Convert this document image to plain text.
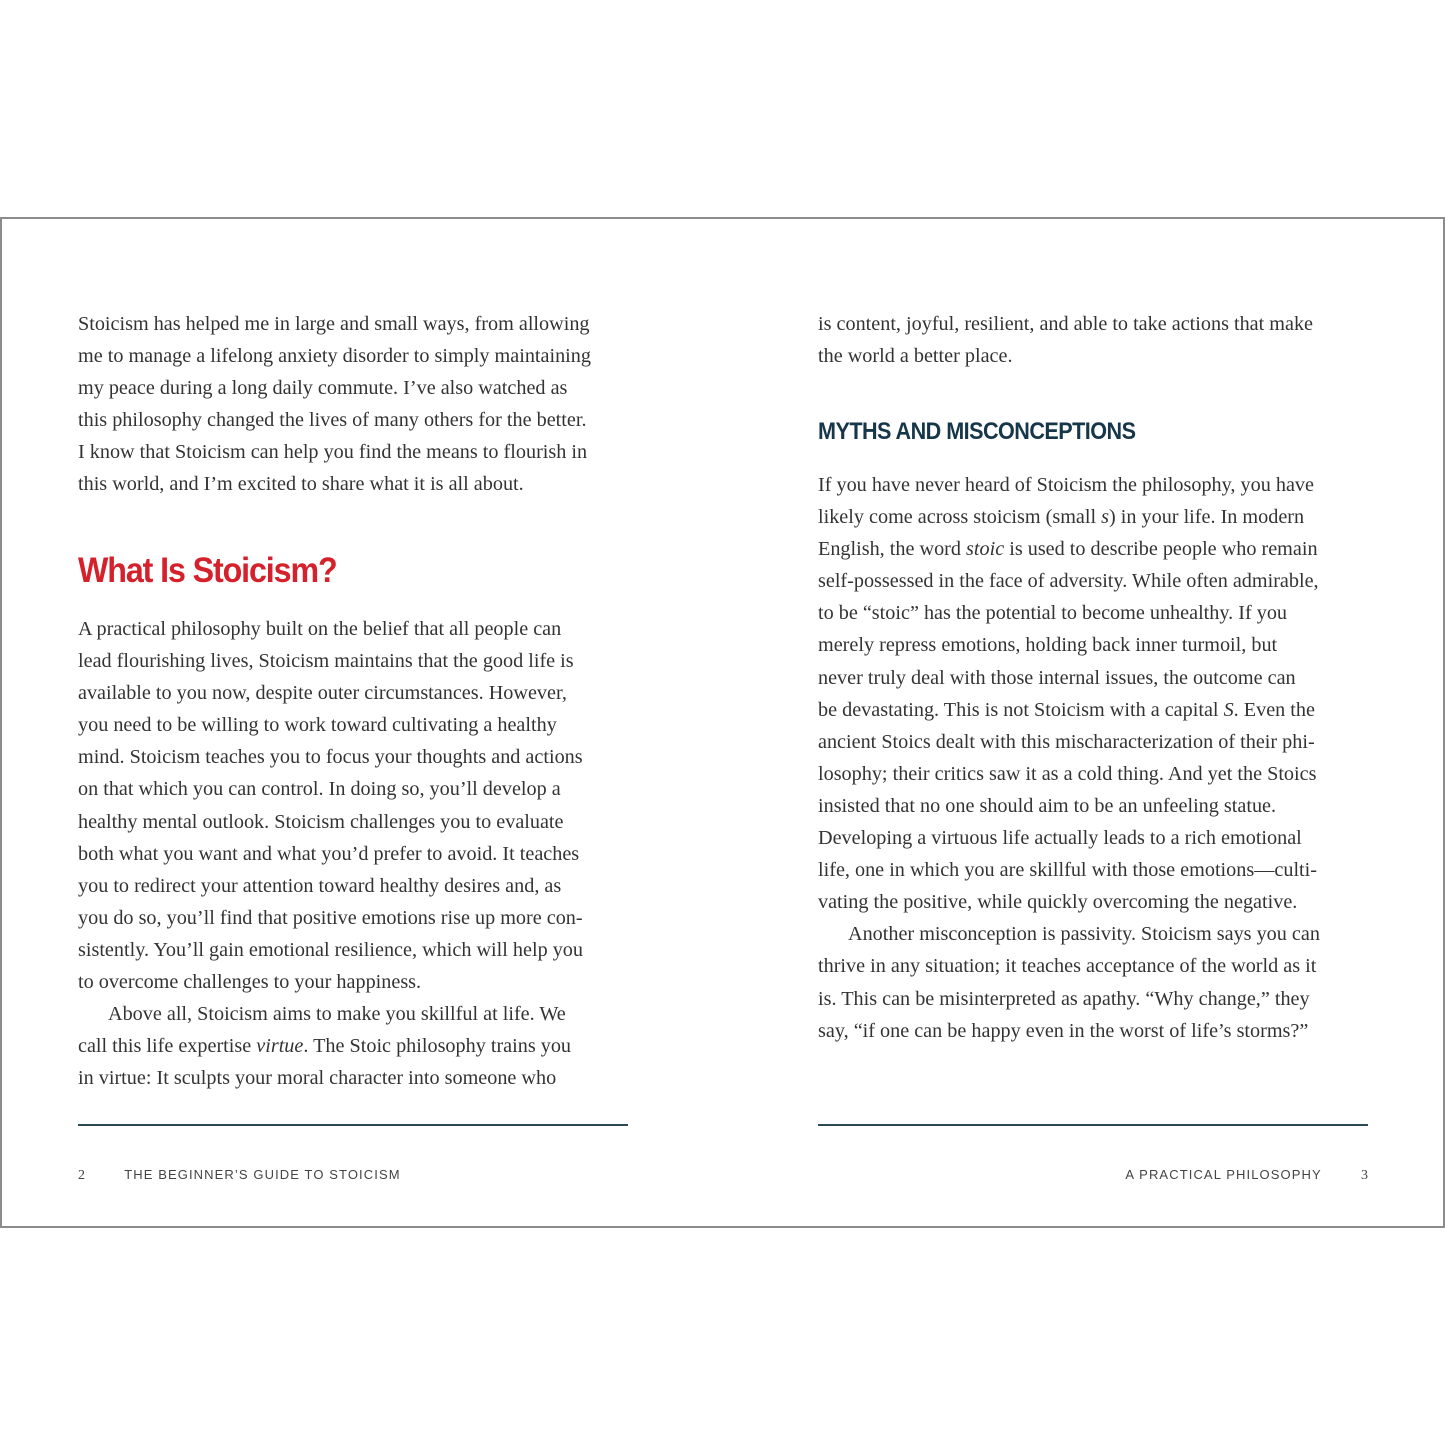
Stoicism has helped me in large and small ways, from allowing
me to manage a lifelong anxiety disorder to simply maintaining
my peace during a long daily commute. I’ve also watched as
this philosophy changed the lives of many others for the better.
I know that Stoicism can help you find the means to flourish in
this world, and I’m excited to share what it is all about.
What Is Stoicism?
A practical philosophy built on the belief that all people can
lead flourishing lives, Stoicism maintains that the good life is
available to you now, despite outer circumstances. However,
you need to be willing to work toward cultivating a healthy
mind. Stoicism teaches you to focus your thoughts and actions
on that which you can control. In doing so, you’ll develop a
healthy mental outlook. Stoicism challenges you to evaluate
both what you want and what you’d prefer to avoid. It teaches
you to redirect your attention toward healthy desires and, as
you do so, you’ll find that positive emotions rise up more con-
sistently. You’ll gain emotional resilience, which will help you
to overcome challenges to your happiness.
Above all, Stoicism aims to make you skillful at life. We
call this life expertise virtue. The Stoic philosophy trains you
in virtue: It sculpts your moral character into someone who
2	THE BEGINNER’S GUIDE TO STOICISM
is content, joyful, resilient, and able to take actions that make
the world a better place.
MYTHS AND MISCONCEPTIONS
If you have never heard of Stoicism the philosophy, you have
likely come across stoicism (small s) in your life. In modern
English, the word stoic is used to describe people who remain
self-possessed in the face of adversity. While often admirable,
to be “stoic” has the potential to become unhealthy. If you
merely repress emotions, holding back inner turmoil, but
never truly deal with those internal issues, the outcome can
be devastating. This is not Stoicism with a capital S. Even the
ancient Stoics dealt with this mischaracterization of their phi-
losophy; their critics saw it as a cold thing. And yet the Stoics
insisted that no one should aim to be an unfeeling statue.
Developing a virtuous life actually leads to a rich emotional
life, one in which you are skillful with those emotions—culti-
vating the positive, while quickly overcoming the negative.
Another misconception is passivity. Stoicism says you can
thrive in any situation; it teaches acceptance of the world as it
is. This can be misinterpreted as apathy. “Why change,” they
say, “if one can be happy even in the worst of life’s storms?”
A PRACTICAL PHILOSOPHY	3
